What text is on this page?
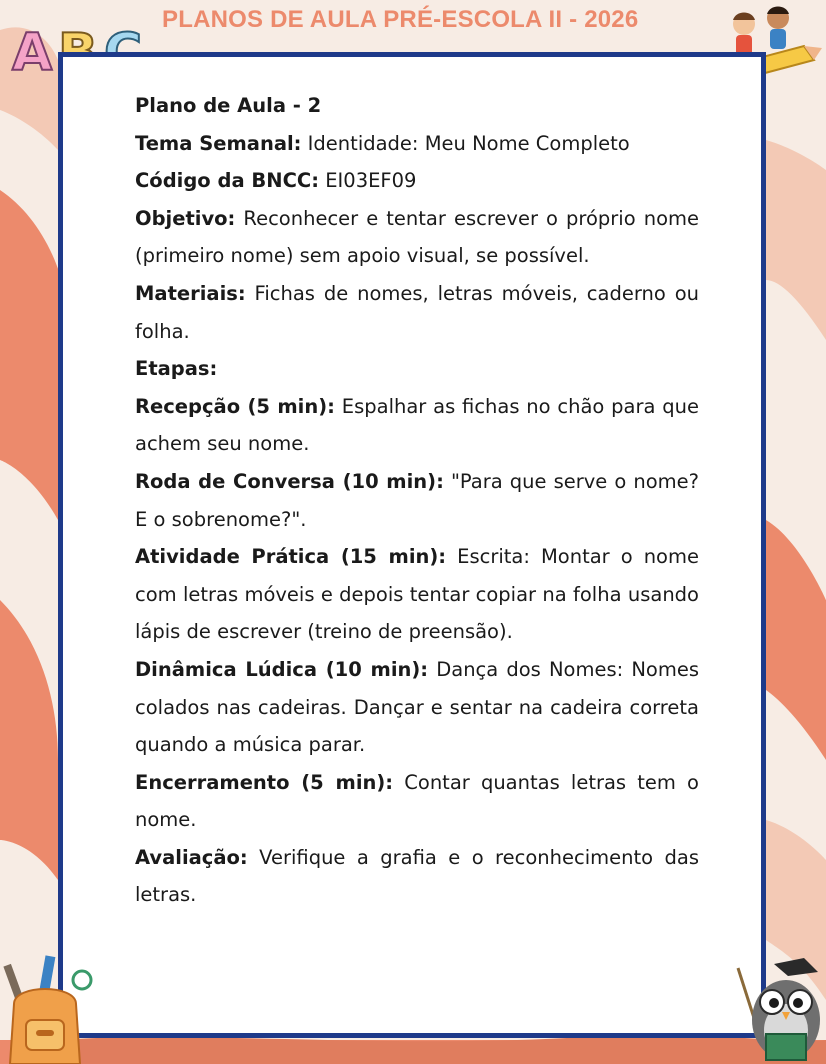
A
PLANOS DE AULA PRÉ-ESCOLA II - 2026

Plano de Aula - 2

Tema Semanal: Identidade: Meu Nome Completo

Código da BNCC: EI03EF09

Objetivo: Reconhecer e tentar escrever o próprio nome (primeiro nome) sem apoio visual, se possível.

Materiais: Fichas de nomes, letras móveis, caderno ou folha.

Etapas:

Recepção (5 min): Espalhar as fichas no chão para que achem seu nome.

Roda de Conversa (10 min): "Para que serve o nome? E o sobrenome?".

Atividade Prática (15 min): Escrita: Montar o nome com letras móveis e depois tentar copiar na folha usando lápis de escrever (treino de preensão).

Dinâmica Lúdica (10 min): Dança dos Nomes: Nomes colados nas cadeiras. Dançar e sentar na cadeira correta quando a música parar.

Encerramento (5 min): Contar quantas letras tem o nome.

Avaliação: Verifique a grafia e o reconhecimento das letras.
